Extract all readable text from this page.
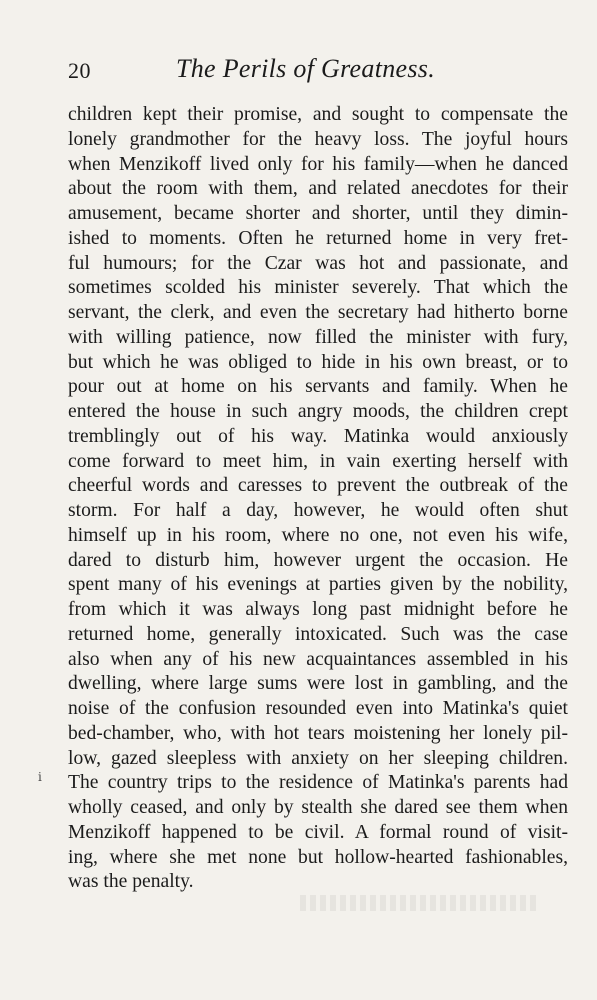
20	The Perils of Greatness.
children kept their promise, and sought to compensate the
lonely grandmother for the heavy loss. The joyful hours
when Menzikoff lived only for his family—when he danced
about the room with them, and related anecdotes for their
amusement, became shorter and shorter, until they dimin-
ished to moments. Often he returned home in very fret-
ful humours; for the Czar was hot and passionate, and
sometimes scolded his minister severely. That which the
servant, the clerk, and even the secretary had hitherto borne
with willing patience, now filled the minister with fury,
but which he was obliged to hide in his own breast, or to
pour out at home on his servants and family. When he
entered the house in such angry moods, the children crept
tremblingly out of his way. Matinka would anxiously
come forward to meet him, in vain exerting herself with
cheerful words and caresses to prevent the outbreak of the
storm. For half a day, however, he would often shut
himself up in his room, where no one, not even his wife,
dared to disturb him, however urgent the occasion. He
spent many of his evenings at parties given by the nobility,
from which it was always long past midnight before he
returned home, generally intoxicated. Such was the case
also when any of his new acquaintances assembled in his
dwelling, where large sums were lost in gambling, and the
noise of the confusion resounded even into Matinka's quiet
bed-chamber, who, with hot tears moistening her lonely pil-
low, gazed sleepless with anxiety on her sleeping children.
The country trips to the residence of Matinka's parents had
wholly ceased, and only by stealth she dared see them when
Menzikoff happened to be civil. A formal round of visit-
ing, where she met none but hollow-hearted fashionables,
was the penalty.
ⅰ
